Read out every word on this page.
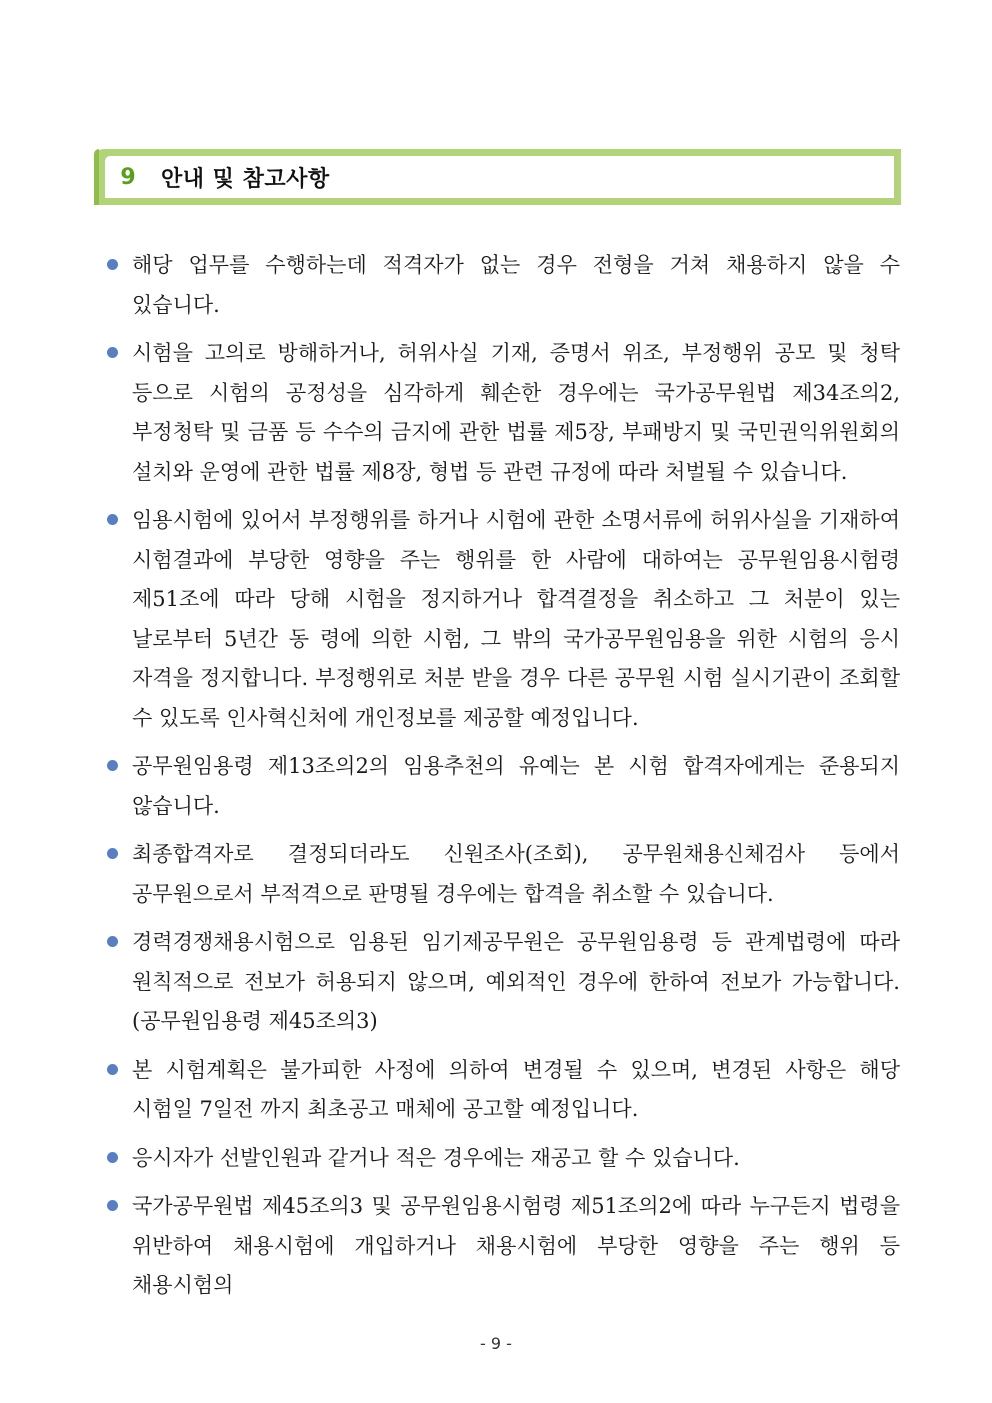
9	안내 및 참고사항
해당 업무를 수행하는데 적격자가 없는 경우 전형을 거쳐 채용하지 않을 수 있습니다.
시험을 고의로 방해하거나, 허위사실 기재, 증명서 위조, 부정행위 공모 및 청탁 등으로 시험의 공정성을 심각하게 훼손한 경우에는 국가공무원법 제34조의2, 부정청탁 및 금품 등 수수의 금지에 관한 법률 제5장, 부패방지 및 국민권익위원회의 설치와 운영에 관한 법률 제8장, 형법 등 관련 규정에 따라 처벌될 수 있습니다.
임용시험에 있어서 부정행위를 하거나 시험에 관한 소명서류에 허위사실을 기재하여 시험결과에 부당한 영향을 주는 행위를 한 사람에 대하여는 공무원임용시험령 제51조에 따라 당해 시험을 정지하거나 합격결정을 취소하고 그 처분이 있는 날로부터 5년간 동 령에 의한 시험, 그 밖의 국가공무원임용을 위한 시험의 응시 자격을 정지합니다. 부정행위로 처분 받을 경우 다른 공무원 시험 실시기관이 조회할 수 있도록 인사혁신처에 개인정보를 제공할 예정입니다.
공무원임용령 제13조의2의 임용추천의 유예는 본 시험 합격자에게는 준용되지 않습니다.
최종합격자로 결정되더라도 신원조사(조회), 공무원채용신체검사 등에서 공무원으로서 부적격으로 판명될 경우에는 합격을 취소할 수 있습니다.
경력경쟁채용시험으로 임용된 임기제공무원은 공무원임용령 등 관계법령에 따라 원칙적으로 전보가 허용되지 않으며, 예외적인 경우에 한하여 전보가 가능합니다. (공무원임용령 제45조의3)
본 시험계획은 불가피한 사정에 의하여 변경될 수 있으며, 변경된 사항은 해당 시험일 7일전 까지 최초공고 매체에 공고할 예정입니다.
응시자가 선발인원과 같거나 적은 경우에는 재공고 할 수 있습니다.
국가공무원법 제45조의3 및 공무원임용시험령 제51조의2에 따라 누구든지 법령을 위반하여 채용시험에 개입하거나 채용시험에 부당한 영향을 주는 행위 등 채용시험의
- 9 -
